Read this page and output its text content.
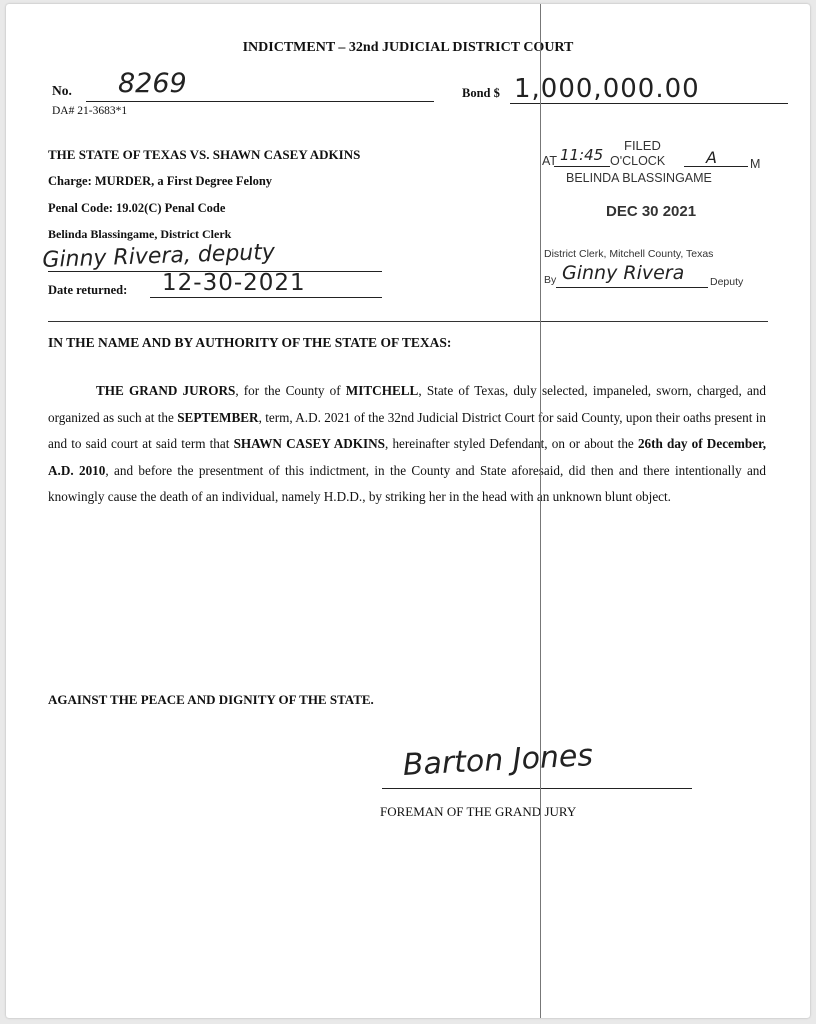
INDICTMENT – 32nd JUDICIAL DISTRICT COURT
No. 8269
DA# 21-3683*1
Bond $ 1,000,000.00
THE STATE OF TEXAS VS. SHAWN CASEY ADKINS
Charge: MURDER, a First Degree Felony
Penal Code: 19.02(C) Penal Code
Belinda Blassingame, District Clerk
Ginny Rivera, deputy
Date returned: 12-30-2021
FILED
AT 11:45 O'CLOCK	A	M
BELINDA BLASSINGAME
DEC 30 2021
District Clerk, Mitchell County, Texas
By Ginny Rivera Deputy
IN THE NAME AND BY AUTHORITY OF THE STATE OF TEXAS:

THE GRAND JURORS, for the County of MITCHELL, State of Texas, duly selected, impaneled, sworn, charged, and organized as such at the SEPTEMBER, term, A.D. 2021 of the 32nd Judicial District Court for said County, upon their oaths present in and to said court at said term that SHAWN CASEY ADKINS, hereinafter styled Defendant, on or about the 26th day of December, A.D. 2010, and before the presentment of this indictment, in the County and State aforesaid, did then and there intentionally and knowingly cause the death of an individual, namely H.D.D., by striking her in the head with an unknown blunt object.

AGAINST THE PEACE AND DIGNITY OF THE STATE.
Barton Jones
FOREMAN OF THE GRAND JURY
